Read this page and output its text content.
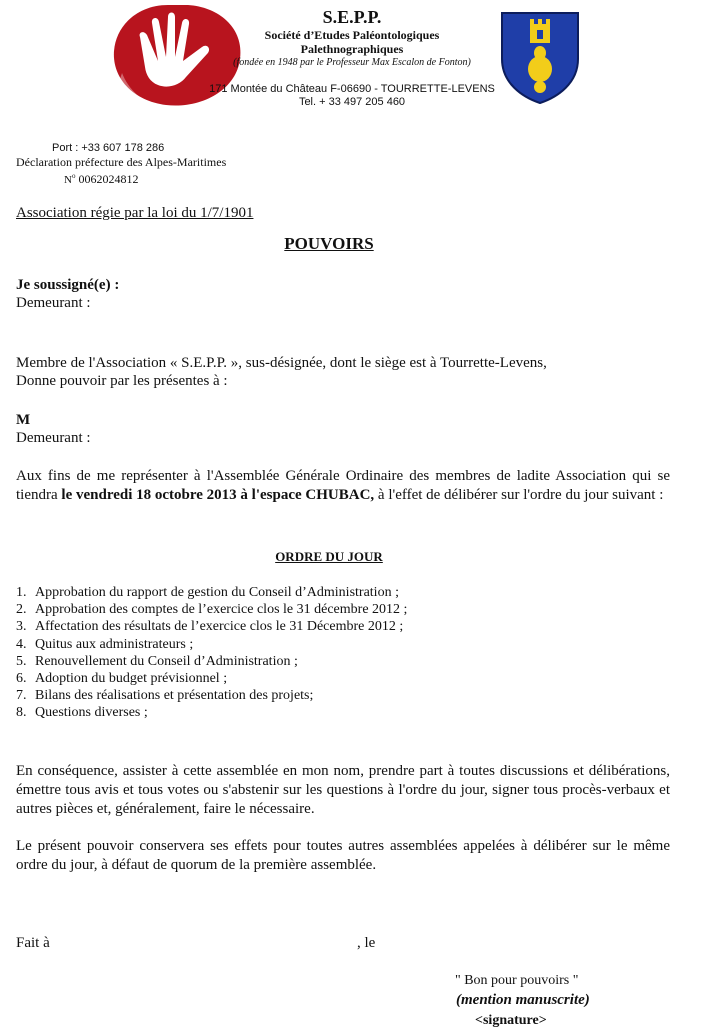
S.E.P.P.
Société d’Etudes Paléontologiques
Palethnographiques
(fondée en 1948 par le Professeur Max Escalon de Fonton)
171 Montée du Château F-06690 - TOURRETTE-LEVENS
Tel. + 33 497 205 460
Port : +33 607 178 286
Déclaration préfecture des Alpes-Maritimes
$N^o$ 0062024812
Association régie par la loi du 1/7/1901
POUVOIRS
Je soussigné(e) :
Demeurant :
Membre de l'Association « S.E.P.P. », sus-désignée, dont le siège est à Tourrette-Levens,
Donne pouvoir par les présentes à :
M
Demeurant :
Aux fins de me représenter à l'Assemblée Générale Ordinaire des membres de ladite Association qui se tiendra le vendredi 18 octobre 2013 à l'espace CHUBAC, à l'effet de délibérer sur l'ordre du jour suivant :
ORDRE DU JOUR
1. Approbation du rapport de gestion du Conseil d’Administration ;
2. Approbation des comptes de l’exercice clos le 31 décembre 2012 ;
3. Affectation des résultats de l’exercice clos le 31 Décembre 2012 ;
4. Quitus aux administrateurs ;
5. Renouvellement du Conseil d’Administration ;
6. Adoption du budget prévisionnel ;
7. Bilans des réalisations et présentation des projets;
8. Questions diverses ;
En conséquence, assister à cette assemblée en mon nom, prendre part à toutes discussions et délibérations, émettre tous avis et tous votes ou s'abstenir sur les questions à l'ordre du jour, signer tous procès-verbaux et autres pièces et, généralement, faire le nécessaire.
Le présent pouvoir conservera ses effets pour toutes autres assemblées appelées à délibérer sur le même ordre du jour, à défaut de quorum de la première assemblée.
Fait à	, le
" Bon pour pouvoirs "
(mention manuscrite)
<signature>
